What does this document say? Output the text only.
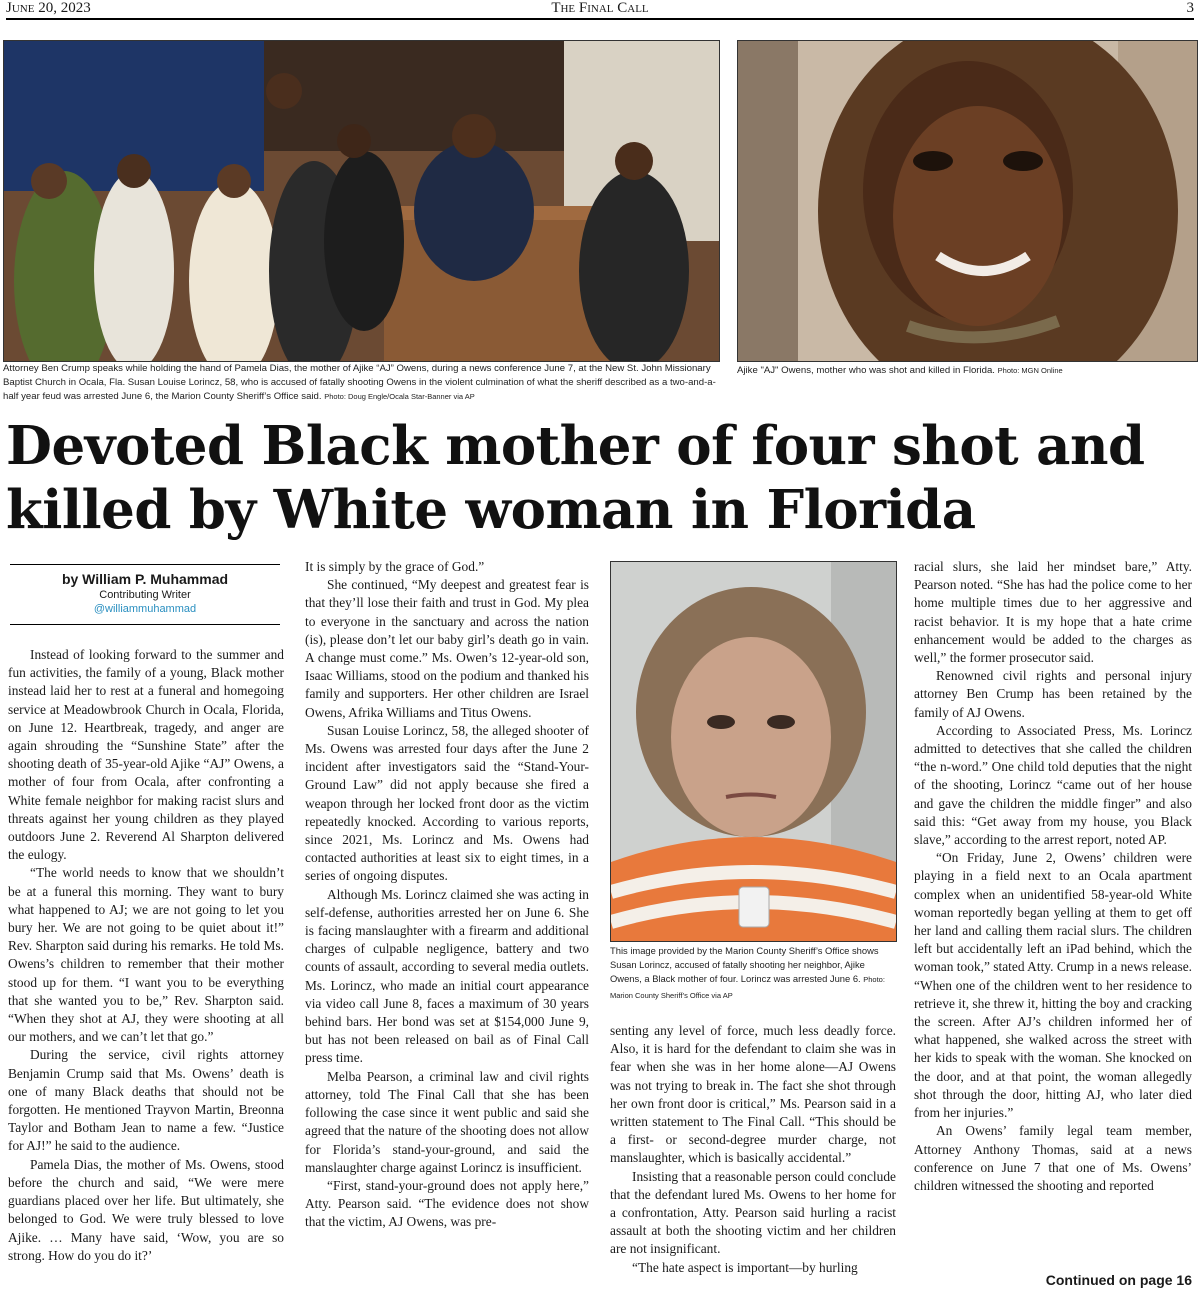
June 20, 2023	The Final Call	3
Attorney Ben Crump speaks while holding the hand of Pamela Dias, the mother of Ajike “AJ” Owens, during a news conference June 7, at the New St. John Missionary Baptist Church in Ocala, Fla. Susan Louise Lorincz, 58, who is accused of fatally shooting Owens in the violent culmination of what the sheriff described as a two-and-a-half year feud was arrested June 6, the Marion County Sheriff’s Office said. Photo: Doug Engle/Ocala Star-Banner via AP
Ajike "AJ" Owens, mother who was shot and killed in Florida. Photo: MGN Online
Devoted Black mother of four shot and killed by White woman in Florida
by William P. Muhammad
Contributing Writer
@williammuhammad

Instead of looking forward to the summer and fun activities, the family of a young, Black mother instead laid her to rest at a funeral and homegoing service at Meadowbrook Church in Ocala, Florida, on June 12. Heartbreak, tragedy, and anger are again shrouding the “Sunshine State” after the shooting death of 35-year-old Ajike “AJ” Owens, a mother of four from Ocala, after confronting a White female neighbor for making racist slurs and threats against her young children as they played outdoors June 2. Reverend Al Sharpton delivered the eulogy.

“The world needs to know that we shouldn’t be at a funeral this morning. They want to bury what happened to AJ; we are not going to let you bury her. We are not going to be quiet about it!” Rev. Sharpton said during his remarks. He told Ms. Owens’s children to remember that their mother stood up for them. “I want you to be everything that she wanted you to be,” Rev. Sharpton said. “When they shot at AJ, they were shooting at all our mothers, and we can’t let that go.”

During the service, civil rights attorney Benjamin Crump said that Ms. Owens’ death is one of many Black deaths that should not be forgotten. He mentioned Trayvon Martin, Breonna Taylor and Botham Jean to name a few. “Justice for AJ!” he said to the audience.

Pamela Dias, the mother of Ms. Owens, stood before the church and said, “We were mere guardians placed over her life. But ultimately, she belonged to God. We were truly blessed to love Ajike. … Many have said, ‘Wow, you are so strong. How do you do it?’

It is simply by the grace of God.”

She continued, “My deepest and greatest fear is that they’ll lose their faith and trust in God. My plea to everyone in the sanctuary and across the nation (is), please don’t let our baby girl’s death go in vain. A change must come.” Ms. Owen’s 12-year-old son, Isaac Williams, stood on the podium and thanked his family and supporters. Her other children are Israel Owens, Afrika Williams and Titus Owens.

Susan Louise Lorincz, 58, the alleged shooter of Ms. Owens was arrested four days after the June 2 incident after investigators said the “Stand-Your-Ground Law” did not apply because she fired a weapon through her locked front door as the victim repeatedly knocked. According to various reports, since 2021, Ms. Lorincz and Ms. Owens had contacted authorities at least six to eight times, in a series of ongoing disputes.

Although Ms. Lorincz claimed she was acting in self-defense, authorities arrested her on June 6. She is facing manslaughter with a firearm and additional charges of culpable negligence, battery and two counts of assault, according to several media outlets. Ms. Lorincz, who made an initial court appearance via video call June 8, faces a maximum of 30 years behind bars. Her bond was set at $154,000 June 9, but has not been released on bail as of Final Call press time.

Melba Pearson, a criminal law and civil rights attorney, told The Final Call that she has been following the case since it went public and said she agreed that the nature of the shooting does not allow for Florida’s stand-your-ground, and said the manslaughter charge against Lorincz is insufficient.

“First, stand-your-ground does not apply here,” Atty. Pearson said. “The evidence does not show that the victim, AJ Owens, was pre-

This image provided by the Marion County Sheriff’s Office shows Susan Lorincz, accused of fatally shooting her neighbor, Ajike Owens, a Black mother of four. Lorincz was arrested June 6. Photo: Marion County Sheriff’s Office via AP

senting any level of force, much less deadly force. Also, it is hard for the defendant to claim she was in fear when she was in her home alone—AJ Owens was not trying to break in. The fact she shot through her own front door is critical,” Ms. Pearson said in a written statement to The Final Call. “This should be a first- or second-degree murder charge, not manslaughter, which is basically accidental.”

Insisting that a reasonable person could conclude that the defendant lured Ms. Owens to her home for a confrontation, Atty. Pearson said hurling a racist assault at both the shooting victim and her children are not insignificant.

“The hate aspect is important—by hurling

racial slurs, she laid her mindset bare,” Atty. Pearson noted. “She has had the police come to her home multiple times due to her aggressive and racist behavior. It is my hope that a hate crime enhancement would be added to the charges as well,” the former prosecutor said.

Renowned civil rights and personal injury attorney Ben Crump has been retained by the family of AJ Owens.

According to Associated Press, Ms. Lorincz admitted to detectives that she called the children “the n-word.” One child told deputies that the night of the shooting, Lorincz “came out of her house and gave the children the middle finger” and also said this: “Get away from my house, you Black slave,” according to the arrest report, noted AP.

“On Friday, June 2, Owens’ children were playing in a field next to an Ocala apartment complex when an unidentified 58-year-old White woman reportedly began yelling at them to get off her land and calling them racial slurs. The children left but accidentally left an iPad behind, which the woman took,” stated Atty. Crump in a news release. “When one of the children went to her residence to retrieve it, she threw it, hitting the boy and cracking the screen. After AJ’s children informed her of what happened, she walked across the street with her kids to speak with the woman. She knocked on the door, and at that point, the woman allegedly shot through the door, hitting AJ, who later died from her injuries.”

An Owens’ family legal team member, Attorney Anthony Thomas, said at a news conference on June 7 that one of Ms. Owens’ children witnessed the shooting and reported

Continued on page 16
